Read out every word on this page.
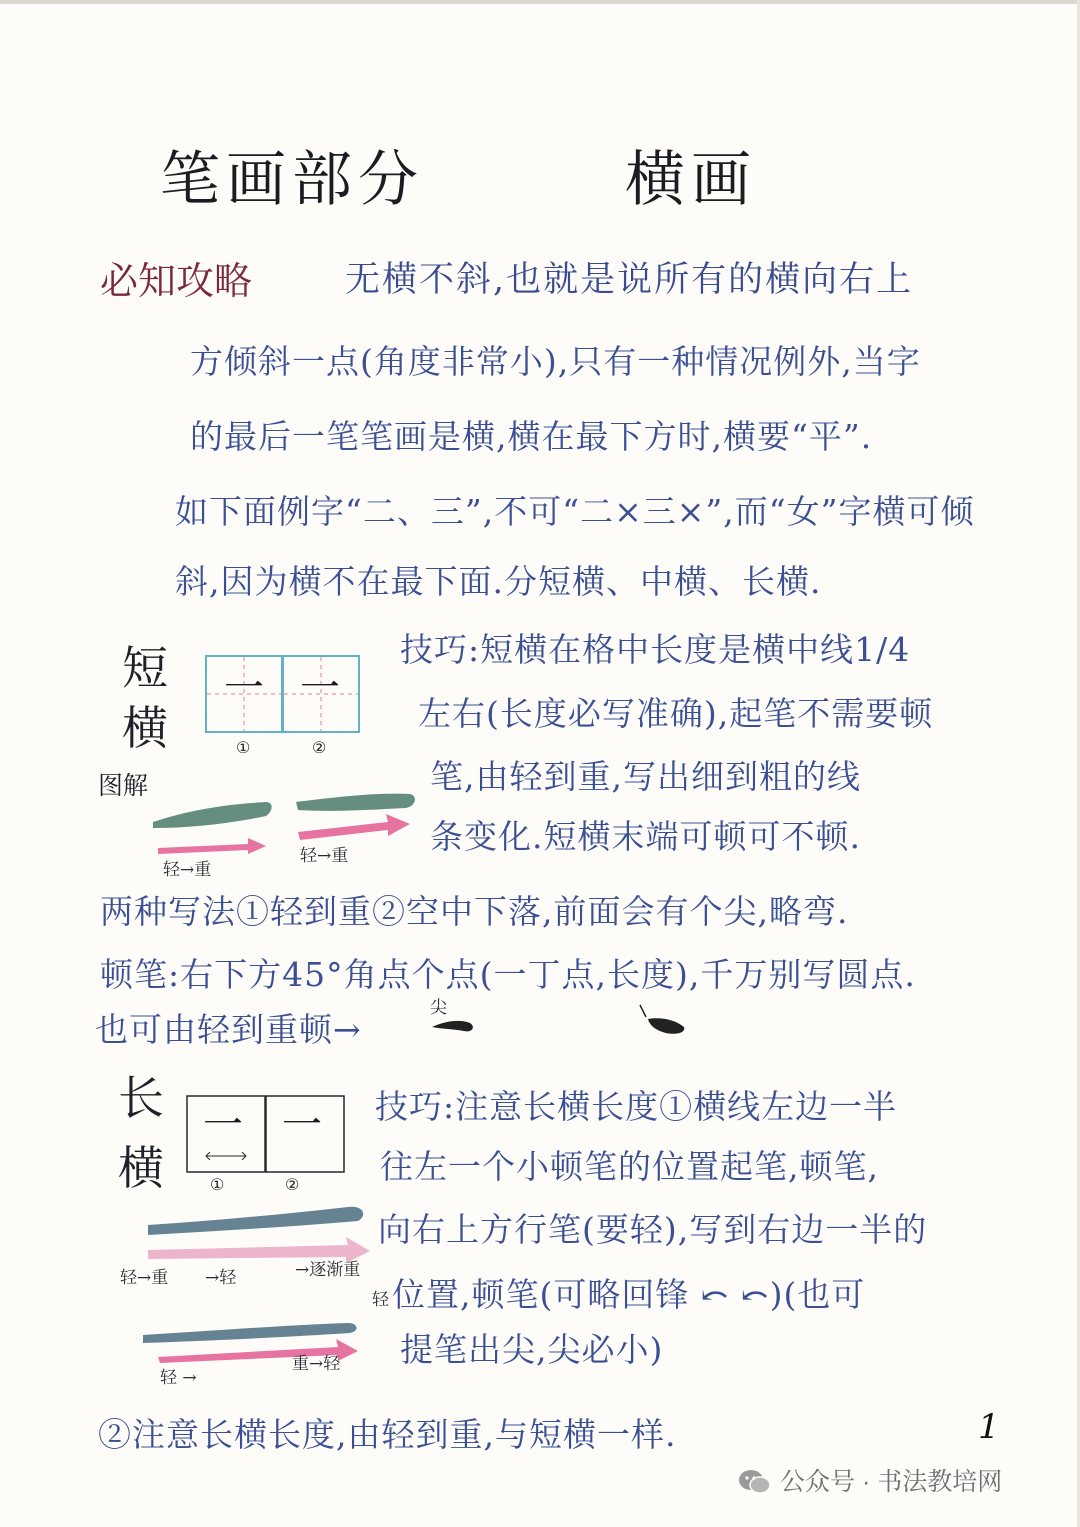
笔画部分	横画
必知攻略	无横不斜,也就是说所有的横向右上
方倾斜一点(角度非常小),只有一种情况例外,当字
的最后一笔笔画是横,横在最下方时,横要“平”.
如下面例字“二、三”,不可“二×三×”,而“女”字横可倾
斜,因为横不在最下面.分短横、中横、长横.
短
横
图解
一 一
①	②
轻→重
轻→重
技巧:短横在格中长度是横中线1/4
左右(长度必写准确),起笔不需要顿
笔,由轻到重,写出细到粗的线
条变化.短横末端可顿可不顿.
两种写法①轻到重②空中下落,前面会有个尖,略弯.
顿笔:右下方45°角点个点(一丁点,长度),千万别写圆点.
也可由轻到重顿→
尖
长
横
一 一
①	②
轻→重 →轻	→逐渐重
轻
轻 →
重→轻
技巧:注意长横长度①横线左边一半
往左一个小顿笔的位置起笔,顿笔,
向右上方行笔(要轻),写到右边一半的
位置,顿笔(可略回锋 ⤺ ⤺)(也可
提笔出尖,尖必小)
②注意长横长度,由轻到重,与短横一样.	1
公众号 · 书法教培网
